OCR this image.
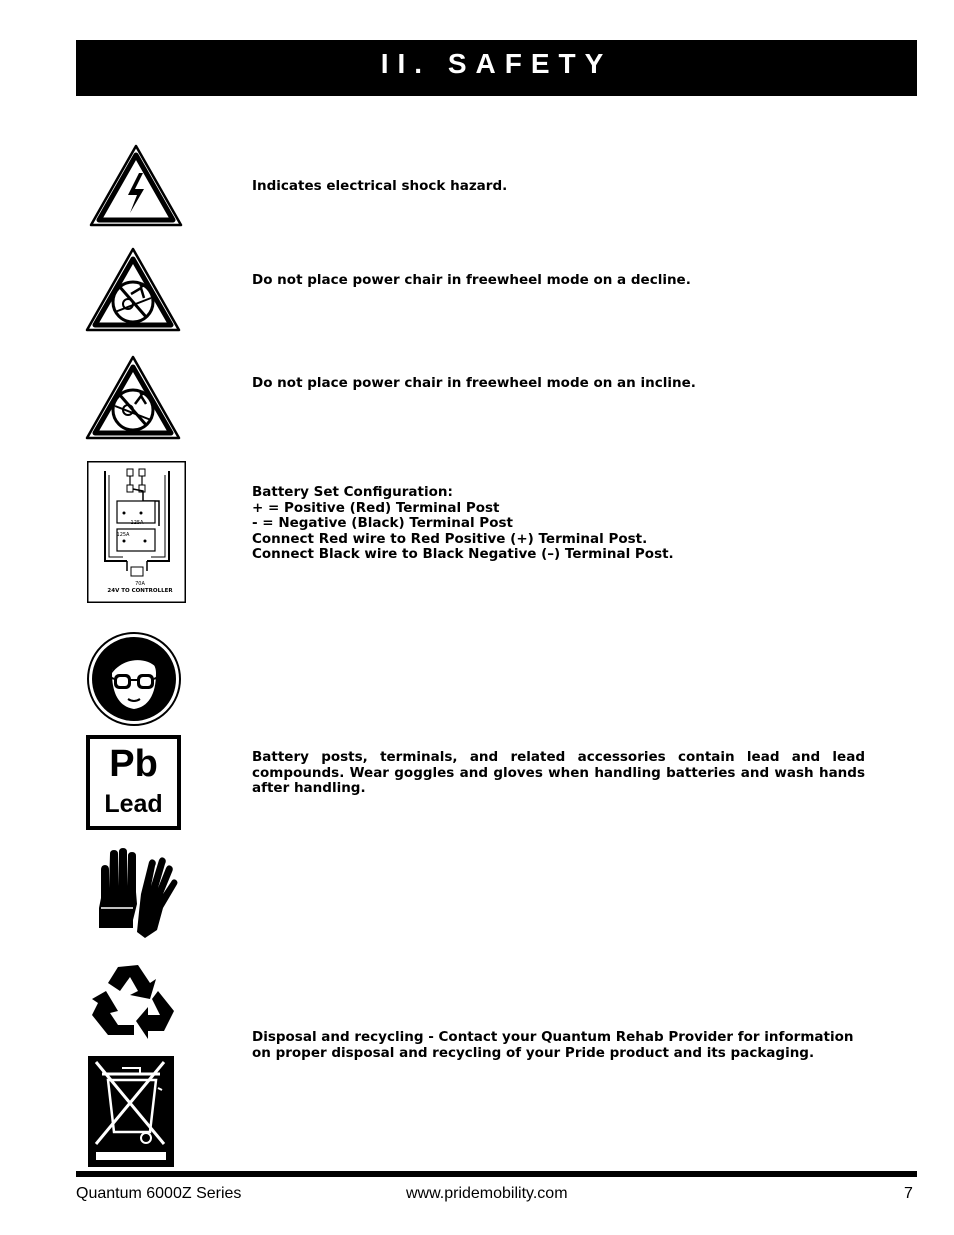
II. SAFETY
Indicates electrical shock hazard.
Do not place power chair in freewheel mode on a decline.
Do not place power chair in freewheel mode on an incline.
125A
125A
70A
24V TO CONTROLLER

Battery Set Configuration:

+ = Positive (Red) Terminal Post

- = Negative (Black) Terminal Post

Connect Red wire to Red Positive (+) Terminal Post.

Connect Black wire to Black Negative (–) Terminal Post.

Pb
Lead
Battery posts, terminals, and related accessories contain lead and lead compounds. Wear goggles and gloves when handling batteries and wash hands after handling.
Disposal and recycling - Contact your Quantum Rehab Provider for information on proper disposal and recycling of your Pride product and its packaging.
Quantum 6000Z Series	www.pridemobility.com	7
